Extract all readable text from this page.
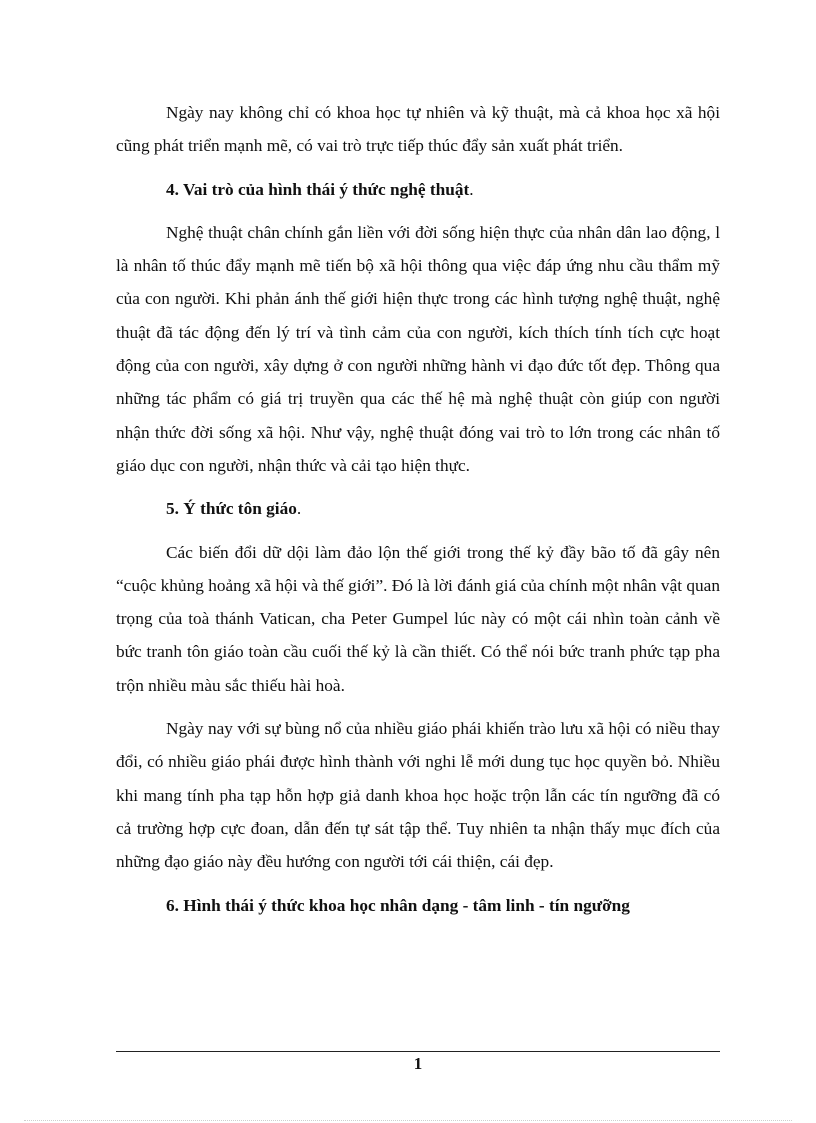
Ngày nay không chỉ có khoa học tự nhiên và kỹ thuật, mà cả khoa học xã hội cũng phát triển mạnh mẽ, có vai trò trực tiếp thúc đẩy sản xuất phát triển.

4. Vai trò của hình thái ý thức nghệ thuật.

Nghệ thuật chân chính gắn liền với đời sống hiện thực của nhân dân lao động, l là nhân tố thúc đẩy mạnh mẽ tiến bộ xã hội thông qua việc đáp ứng nhu cầu thẩm mỹ của con người. Khi phản ánh thế giới hiện thực trong các hình tượng nghệ thuật, nghệ thuật đã tác động đến lý trí và tình cảm của con người, kích thích tính tích cực hoạt động của con người, xây dựng ở con người những hành vi đạo đức tốt đẹp. Thông qua những tác phẩm có giá trị truyền qua các thế hệ mà nghệ thuật còn giúp con người nhận thức đời sống xã hội. Như vậy, nghệ thuật đóng vai trò to lớn trong các nhân tố giáo dục con người, nhận thức và cải tạo hiện thực.

5. Ý thức tôn giáo.

Các biến đổi dữ dội làm đảo lộn thế giới trong thế kỷ đầy bão tố đã gây nên “cuộc khủng hoảng xã hội và thế giới”. Đó là lời đánh giá của chính một nhân vật quan trọng của toà thánh Vatican, cha Peter Gumpel lúc này có một cái nhìn toàn cảnh về bức tranh tôn giáo toàn cầu cuối thế kỷ là cần thiết. Có thể nói bức tranh phức tạp pha trộn nhiều màu sắc thiếu hài hoà.

Ngày nay với sự bùng nổ của nhiều giáo phái khiến trào lưu xã hội có niều thay đổi, có nhiều giáo phái được hình thành với nghi lễ mới dung tục học quyền bỏ. Nhiều khi mang tính pha tạp hỗn hợp giả danh khoa học hoặc trộn lẫn các tín ngưỡng đã có cả trường hợp cực đoan, dẫn đến tự sát tập thể. Tuy nhiên ta nhận thấy mục đích của những đạo giáo này đều hướng con người tới cái thiện, cái đẹp.

6. Hình thái ý thức khoa học nhân dạng - tâm linh - tín ngưỡng

1
